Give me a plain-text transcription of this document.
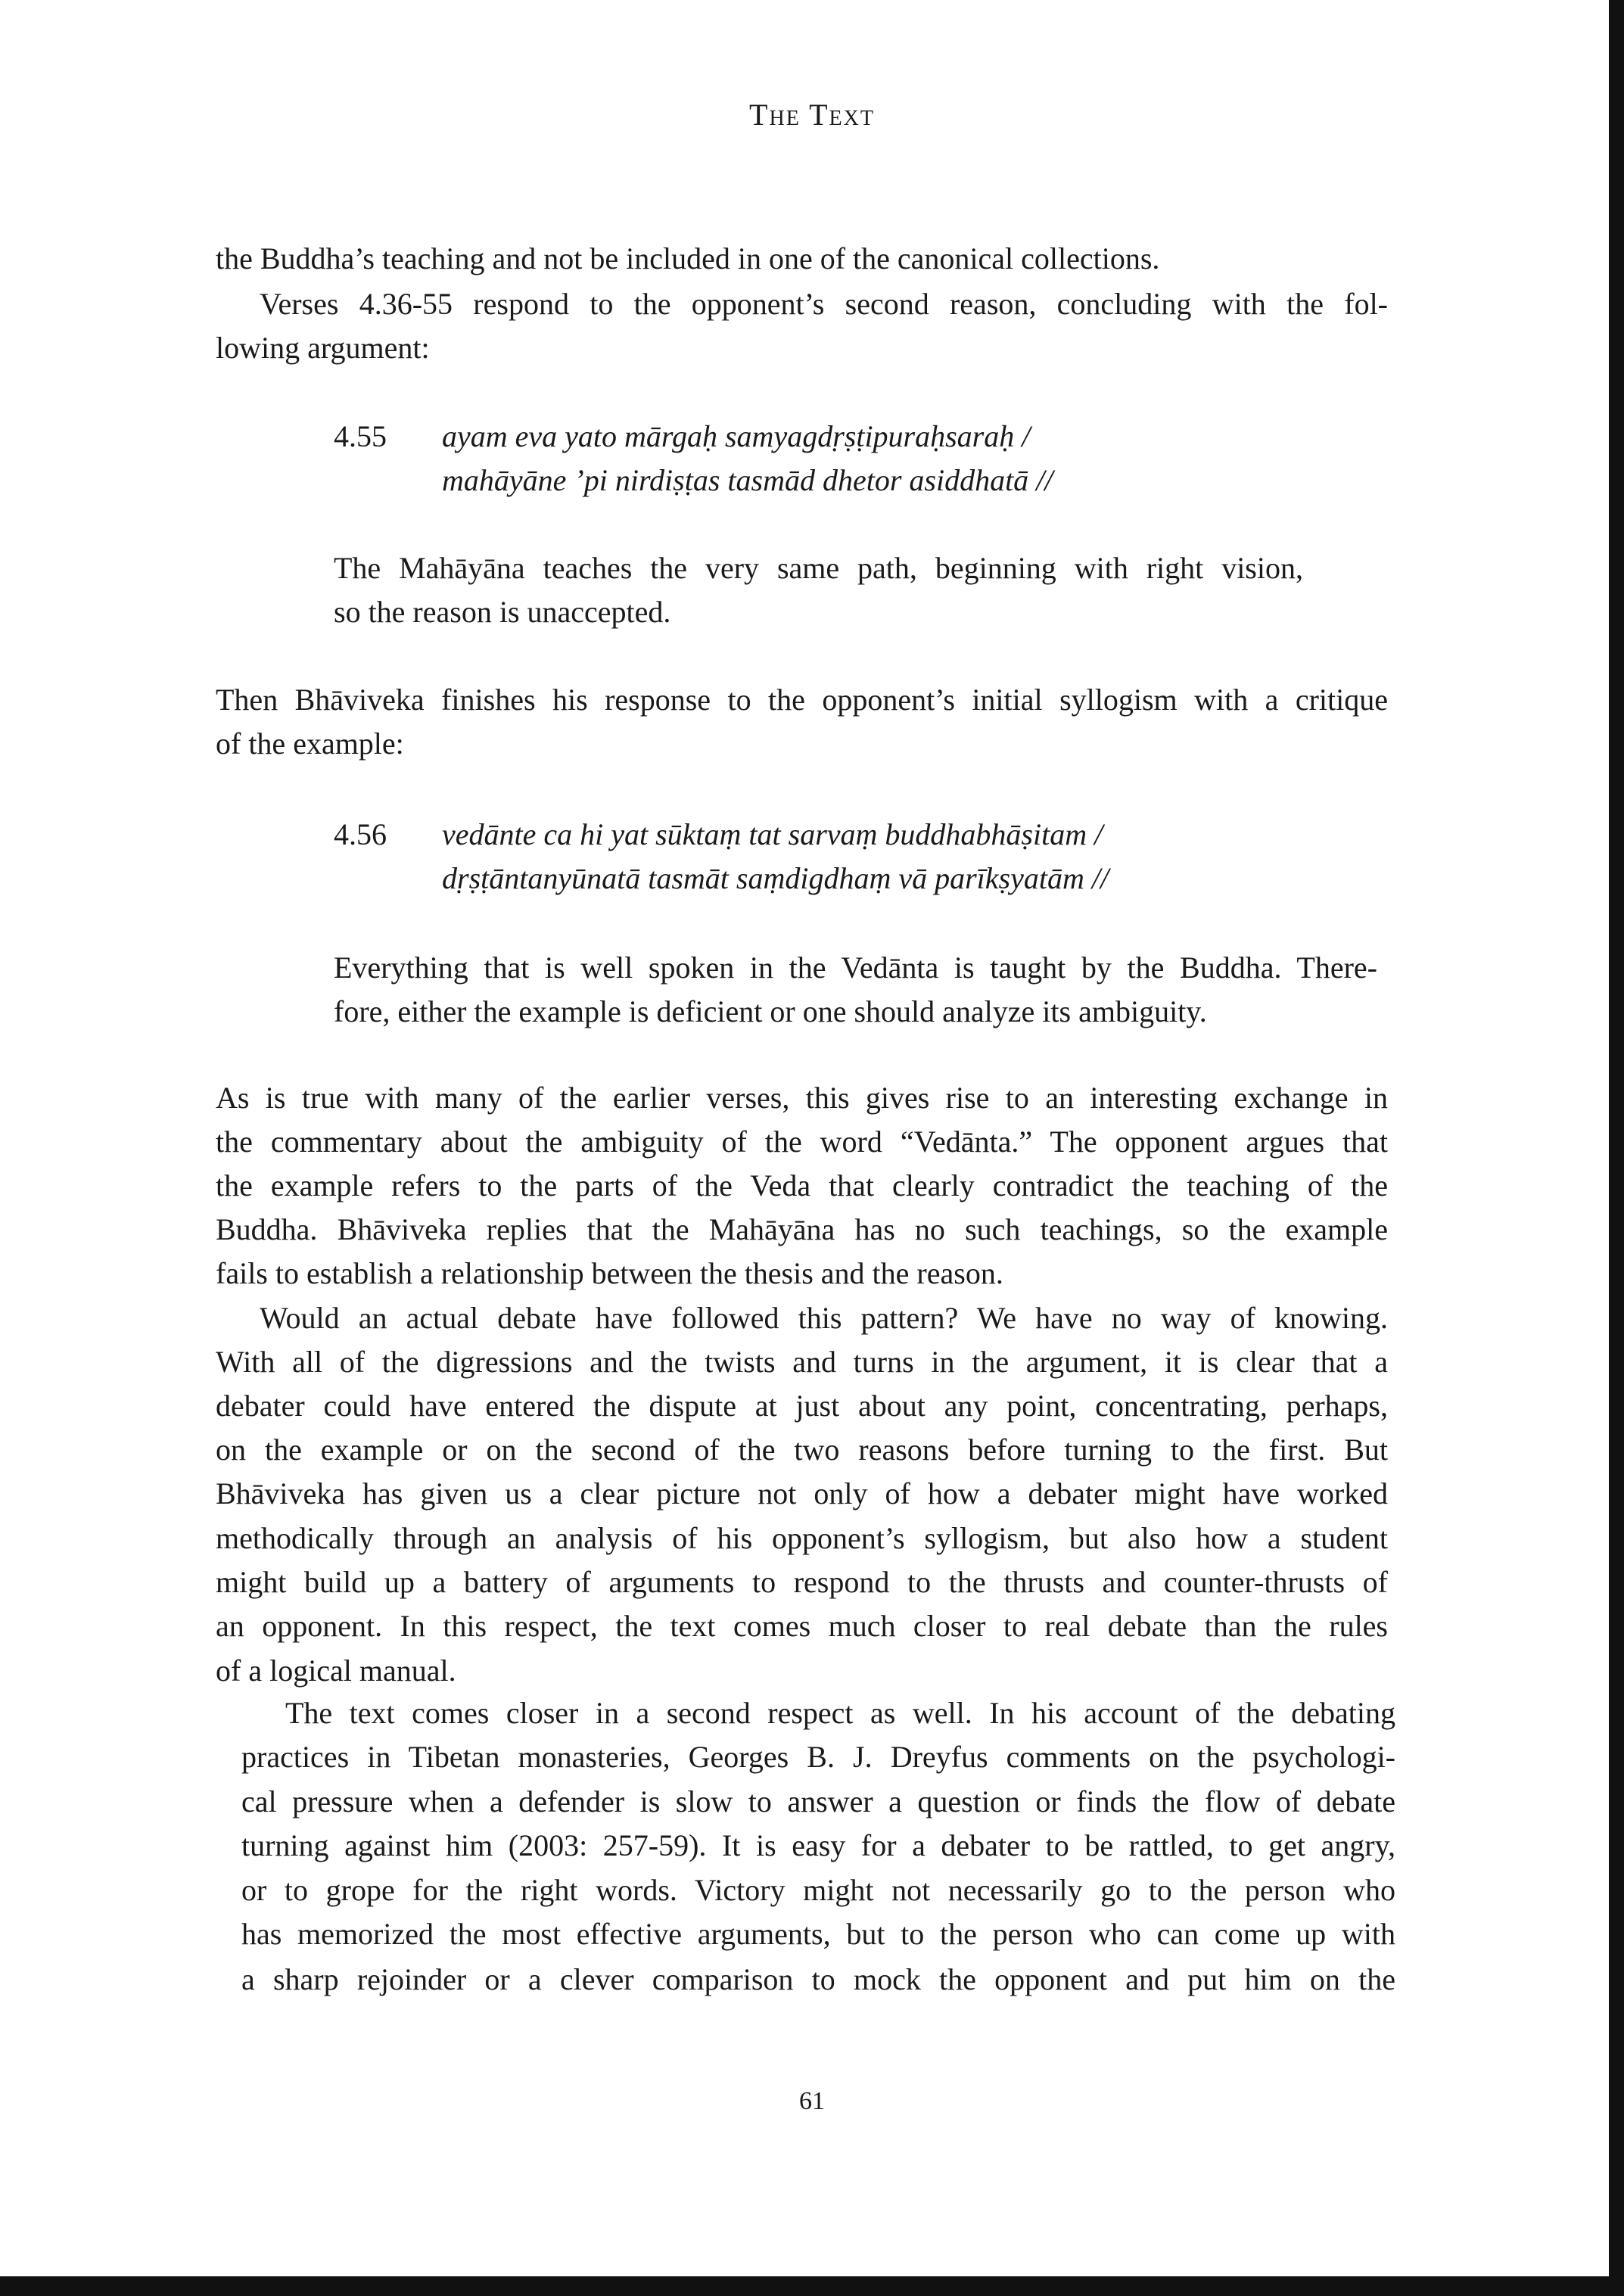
The Text
the Buddha’s teaching and not be included in one of the canonical collections.
Verses 4.36-55 respond to the opponent’s second reason, concluding with the fol-
lowing argument:
4.55 ayam eva yato mārgaḥ samyagdṛṣṭipuraḥsaraḥ /
mahāyāne ’pi nirdiṣṭas tasmād dhetor asiddhatā //
The Mahāyāna teaches the very same path, beginning with right vision,
so the reason is unaccepted.
Then Bhāviveka finishes his response to the opponent’s initial syllogism with a critique
of the example:
4.56 vedānte ca hi yat sūktaṃ tat sarvaṃ buddhabhāṣitam /
dṛṣṭāntanyūnatā tasmāt saṃdigdhaṃ vā parīkṣyatām //
Everything that is well spoken in the Vedānta is taught by the Buddha. There-
fore, either the example is deficient or one should analyze its ambiguity.
As is true with many of the earlier verses, this gives rise to an interesting exchange in
the commentary about the ambiguity of the word “Vedānta.” The opponent argues that
the example refers to the parts of the Veda that clearly contradict the teaching of the
Buddha. Bhāviveka replies that the Mahāyāna has no such teachings, so the example
fails to establish a relationship between the thesis and the reason.
Would an actual debate have followed this pattern? We have no way of knowing.
With all of the digressions and the twists and turns in the argument, it is clear that a
debater could have entered the dispute at just about any point, concentrating, perhaps,
on the example or on the second of the two reasons before turning to the first. But
Bhāviveka has given us a clear picture not only of how a debater might have worked
methodically through an analysis of his opponent’s syllogism, but also how a student
might build up a battery of arguments to respond to the thrusts and counter-thrusts of
an opponent. In this respect, the text comes much closer to real debate than the rules
of a logical manual.
The text comes closer in a second respect as well. In his account of the debating
practices in Tibetan monasteries, Georges B. J. Dreyfus comments on the psychologi-
cal pressure when a defender is slow to answer a question or finds the flow of debate
turning against him (2003: 257-59). It is easy for a debater to be rattled, to get angry,
or to grope for the right words. Victory might not necessarily go to the person who
has memorized the most effective arguments, but to the person who can come up with
a sharp rejoinder or a clever comparison to mock the opponent and put him on the
61
